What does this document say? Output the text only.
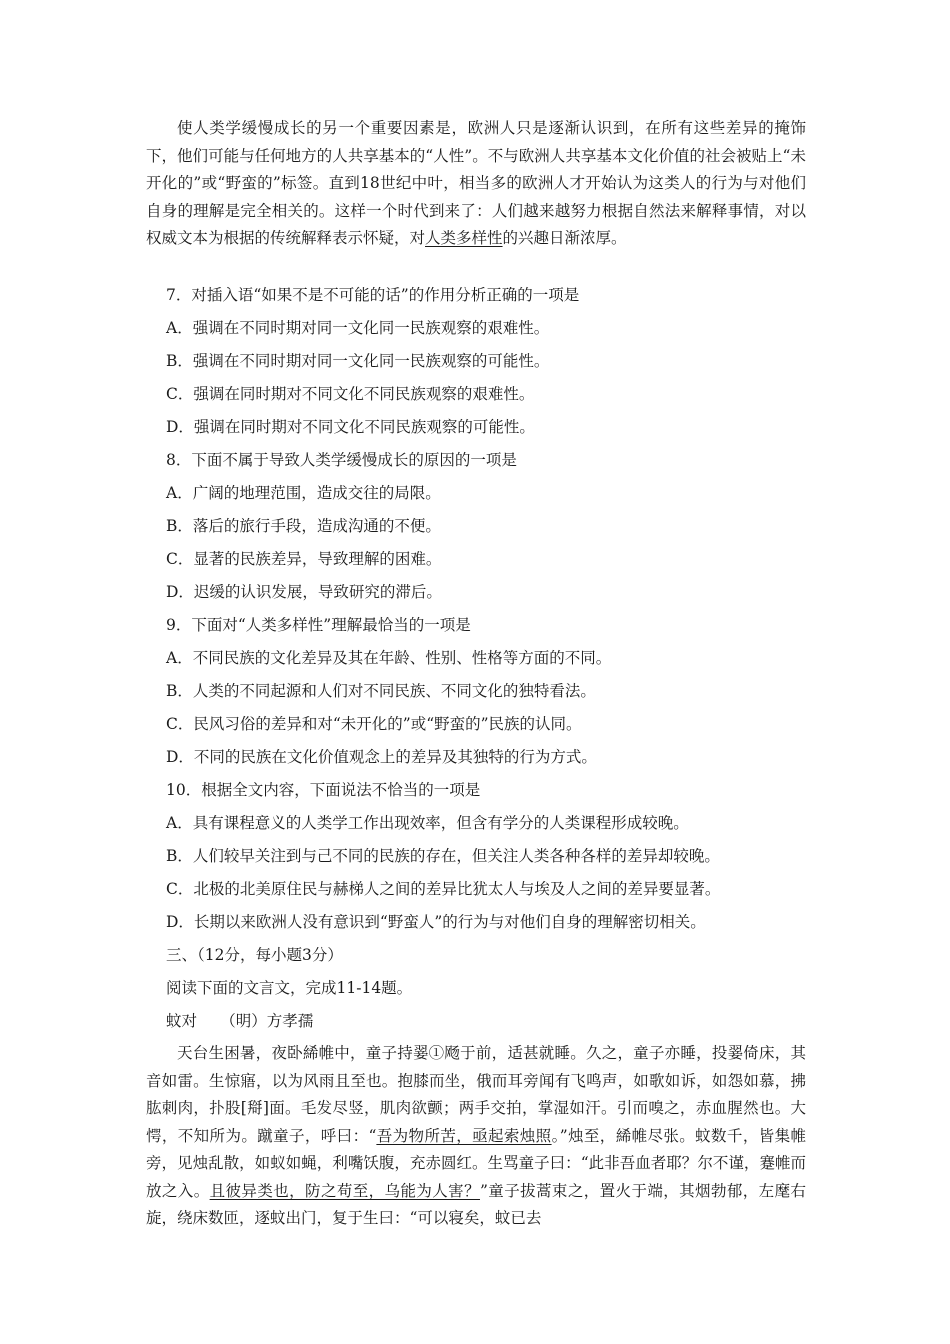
使人类学缓慢成长的另一个重要因素是，欧洲人只是逐渐认识到，在所有这些差异的掩饰下，他们可能与任何地方的人共享基本的“人性”。不与欧洲人共享基本文化价值的社会被贴上“未开化的”或“野蛮的”标签。直到18世纪中叶，相当多的欧洲人才开始认为这类人的行为与对他们自身的理解是完全相关的。这样一个时代到来了：人们越来越努力根据自然法来解释事情，对以权威文本为根据的传统解释表示怀疑，对人类多样性的兴趣日渐浓厚。

7．对插入语“如果不是不可能的话”的作用分析正确的一项是
A．强调在不同时期对同一文化同一民族观察的艰难性。
B．强调在不同时期对同一文化同一民族观察的可能性。
C．强调在同时期对不同文化不同民族观察的艰难性。
D．强调在同时期对不同文化不同民族观察的可能性。
8．下面不属于导致人类学缓慢成长的原因的一项是
A．广阔的地理范围，造成交往的局限。
B．落后的旅行手段，造成沟通的不便。
C．显著的民族差异，导致理解的困难。
D．迟缓的认识发展，导致研究的滞后。
9．下面对“人类多样性”理解最恰当的一项是
A．不同民族的文化差异及其在年龄、性别、性格等方面的不同。
B．人类的不同起源和人们对不同民族、不同文化的独特看法。
C．民风习俗的差异和对“未开化的”或“野蛮的”民族的认同。
D．不同的民族在文化价值观念上的差异及其独特的行为方式。
10．根据全文内容，下面说法不恰当的一项是
A．具有课程意义的人类学工作出现效率，但含有学分的人类课程形成较晚。
B．人们较早关注到与己不同的民族的存在，但关注人类各种各样的差异却较晚。
C．北极的北美原住民与赫梯人之间的差异比犹太人与埃及人之间的差异要显著。
D．长期以来欧洲人没有意识到“野蛮人”的行为与对他们自身的理解密切相关。
三、（12分，每小题3分）
阅读下面的文言文，完成11-14题。
蚊对　　（明）方孝孺

天台生困暑，夜卧絺帷中，童子持翣①飏于前，适甚就睡。久之，童子亦睡，投翣倚床，其音如雷。生惊寤，以为风雨且至也。抱膝而坐，俄而耳旁闻有飞鸣声，如歌如诉，如怨如慕，拂肱刺肉，扑股[搿]面。毛发尽竖，肌肉欲颤；两手交拍，掌湿如汗。引而嗅之，赤血腥然也。大愕，不知所为。蹴童子，呼曰：“吾为物所苦，亟起索烛照。”烛至，絺帷尽张。蚊数千，皆集帷旁，见烛乱散，如蚁如蝇，利嘴饫腹，充赤圆红。生骂童子曰：“此非吾血者耶？尔不谨，蹇帷而放之入。且彼异类也，防之苟至，乌能为人害？”童子拔蒿束之，置火于端，其烟勃郁，左麾右旋，绕床数匝，逐蚊出门，复于生曰：“可以寝矣，蚊已去
